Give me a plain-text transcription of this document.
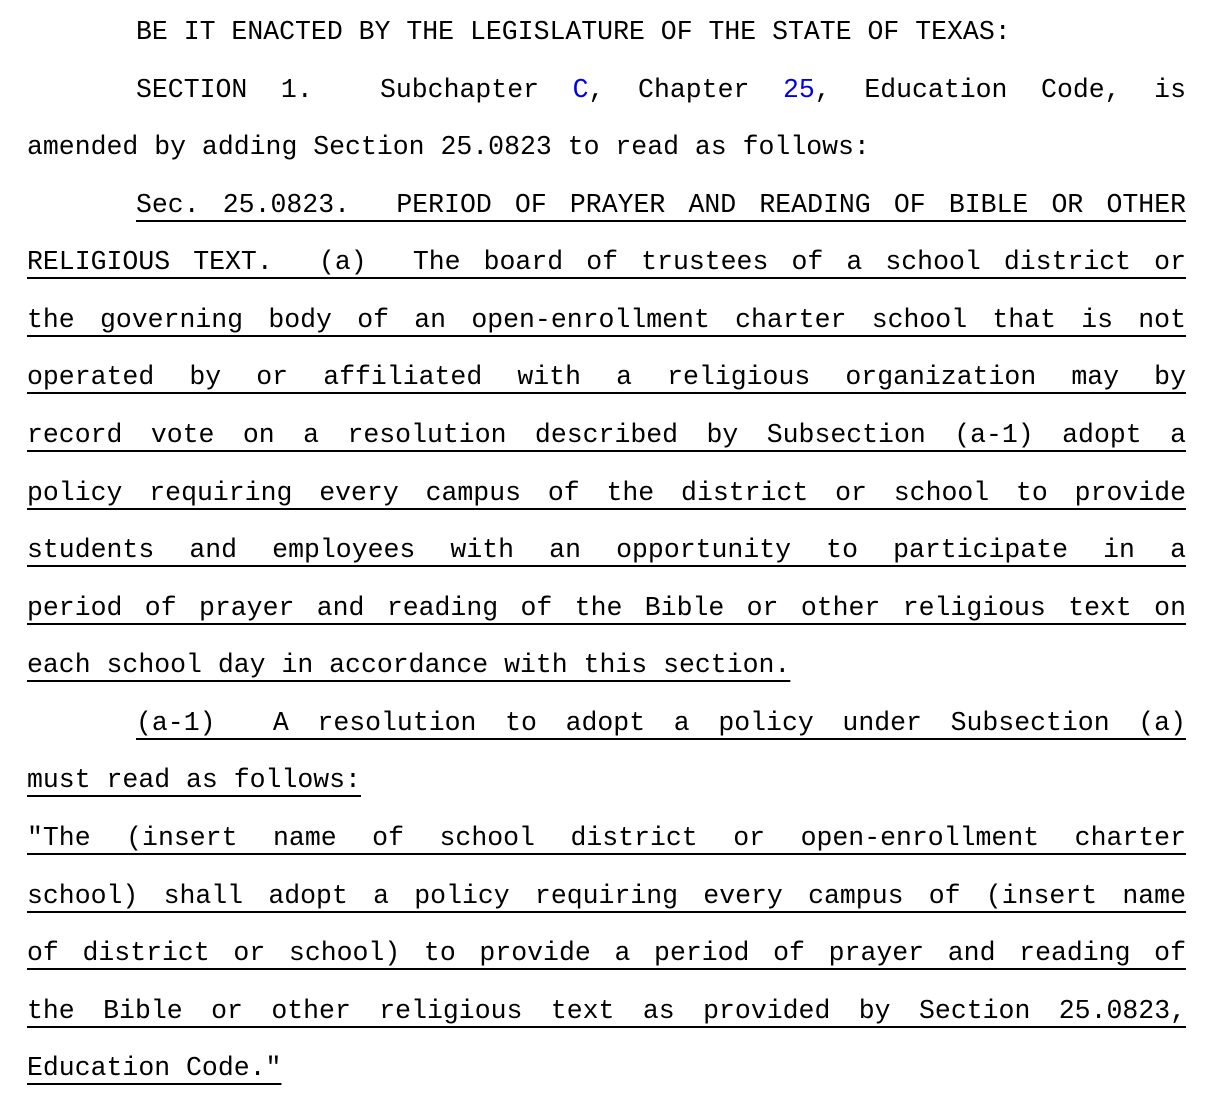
BE IT ENACTED BY THE LEGISLATURE OF THE STATE OF TEXAS:
SECTION 1.  Subchapter C, Chapter 25, Education Code, is
amended by adding Section 25.0823 to read as follows:
Sec. 25.0823.  PERIOD OF PRAYER AND READING OF BIBLE OR OTHER
RELIGIOUS TEXT.  (a)  The board of trustees of a school district or
the governing body of an open-enrollment charter school that is not
operated by or affiliated with a religious organization may by
record vote on a resolution described by Subsection (a-1) adopt a
policy requiring every campus of the district or school to provide
students and employees with an opportunity to participate in a
period of prayer and reading of the Bible or other religious text on
each school day in accordance with this section.
(a-1)  A resolution to adopt a policy under Subsection (a)
must read as follows:
"The (insert name of school district or open-enrollment charter
school) shall adopt a policy requiring every campus of (insert name
of district or school) to provide a period of prayer and reading of
the Bible or other religious text as provided by Section 25.0823,
Education Code."
